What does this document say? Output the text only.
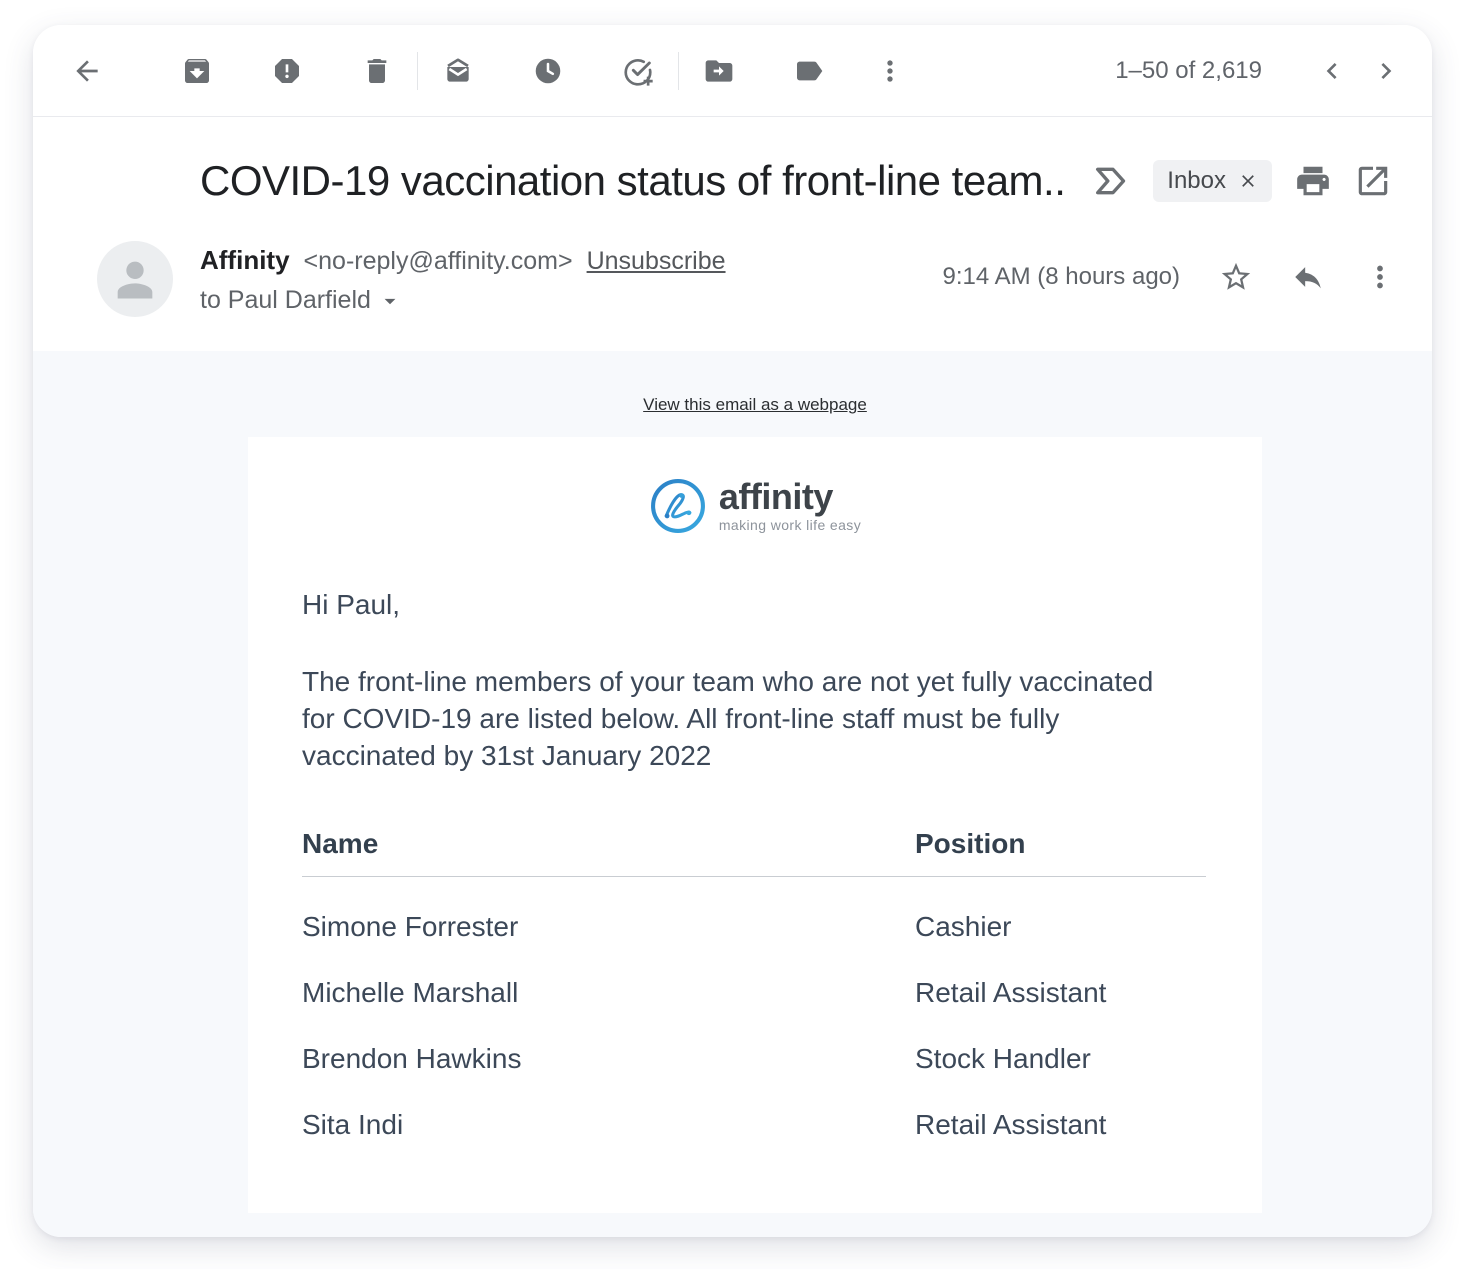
1–50 of 2,619
COVID-19 vaccination status of front-line team..	Inbox
Affinity <no-reply@affinity.com> Unsubscribe
to Paul Darfield
9:14 AM (8 hours ago)
View this email as a webpage
affinity
making work life easy

Hi Paul,

The front-line members of your team who are not yet fully vaccinated for COVID-19 are listed below. All front-line staff must be fully vaccinated by 31st January 2022

Name	Position
Simone Forrester	Cashier
Michelle Marshall	Retail Assistant
Brendon Hawkins	Stock Handler
Sita Indi	Retail Assistant
